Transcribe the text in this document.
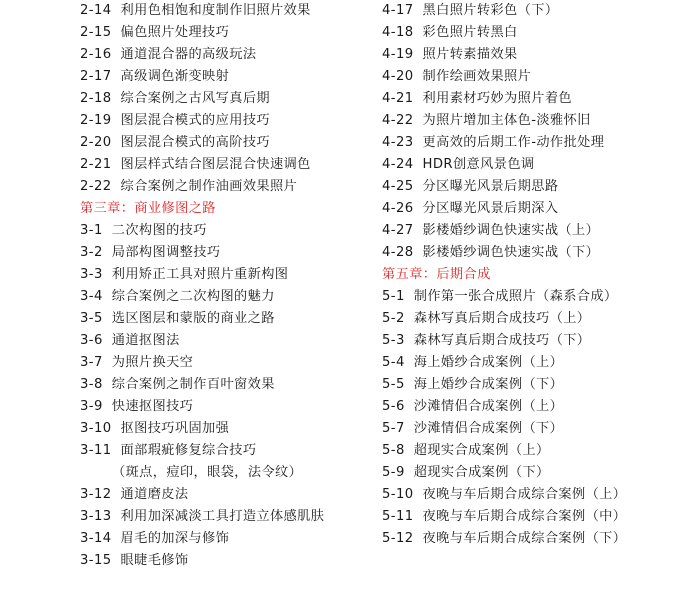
2-14 利用色相饱和度制作旧照片效果
2-15 偏色照片处理技巧
2-16 通道混合器的高级玩法
2-17 高级调色渐变映射
2-18 综合案例之古风写真后期
2-19 图层混合模式的应用技巧
2-20 图层混合模式的高阶技巧
2-21 图层样式结合图层混合快速调色
2-22 综合案例之制作油画效果照片
第三章：商业修图之路
3-1 二次构图的技巧
3-2 局部构图调整技巧
3-3 利用矫正工具对照片重新构图
3-4 综合案例之二次构图的魅力
3-5 选区图层和蒙版的商业之路
3-6 通道抠图法
3-7 为照片换天空
3-8 综合案例之制作百叶窗效果
3-9 快速抠图技巧
3-10 抠图技巧巩固加强
3-11 面部瑕疵修复综合技巧
（斑点，痘印，眼袋，法令纹）
3-12 通道磨皮法
3-13 利用加深减淡工具打造立体感肌肤
3-14 眉毛的加深与修饰
3-15 眼睫毛修饰
4-17 黑白照片转彩色（下）
4-18 彩色照片转黑白
4-19 照片转素描效果
4-20 制作绘画效果照片
4-21 利用素材巧妙为照片着色
4-22 为照片增加主体色-淡雅怀旧
4-23 更高效的后期工作-动作批处理
4-24 HDR创意风景色调
4-25 分区曝光风景后期思路
4-26 分区曝光风景后期深入
4-27 影楼婚纱调色快速实战（上）
4-28 影楼婚纱调色快速实战（下）
第五章：后期合成
5-1 制作第一张合成照片（森系合成）
5-2 森林写真后期合成技巧（上）
5-3 森林写真后期合成技巧（下）
5-4 海上婚纱合成案例（上）
5-5 海上婚纱合成案例（下）
5-6 沙滩情侣合成案例（上）
5-7 沙滩情侣合成案例（下）
5-8 超现实合成案例（上）
5-9 超现实合成案例（下）
5-10 夜晚与车后期合成综合案例（上）
5-11 夜晚与车后期合成综合案例（中）
5-12 夜晚与车后期合成综合案例（下）
